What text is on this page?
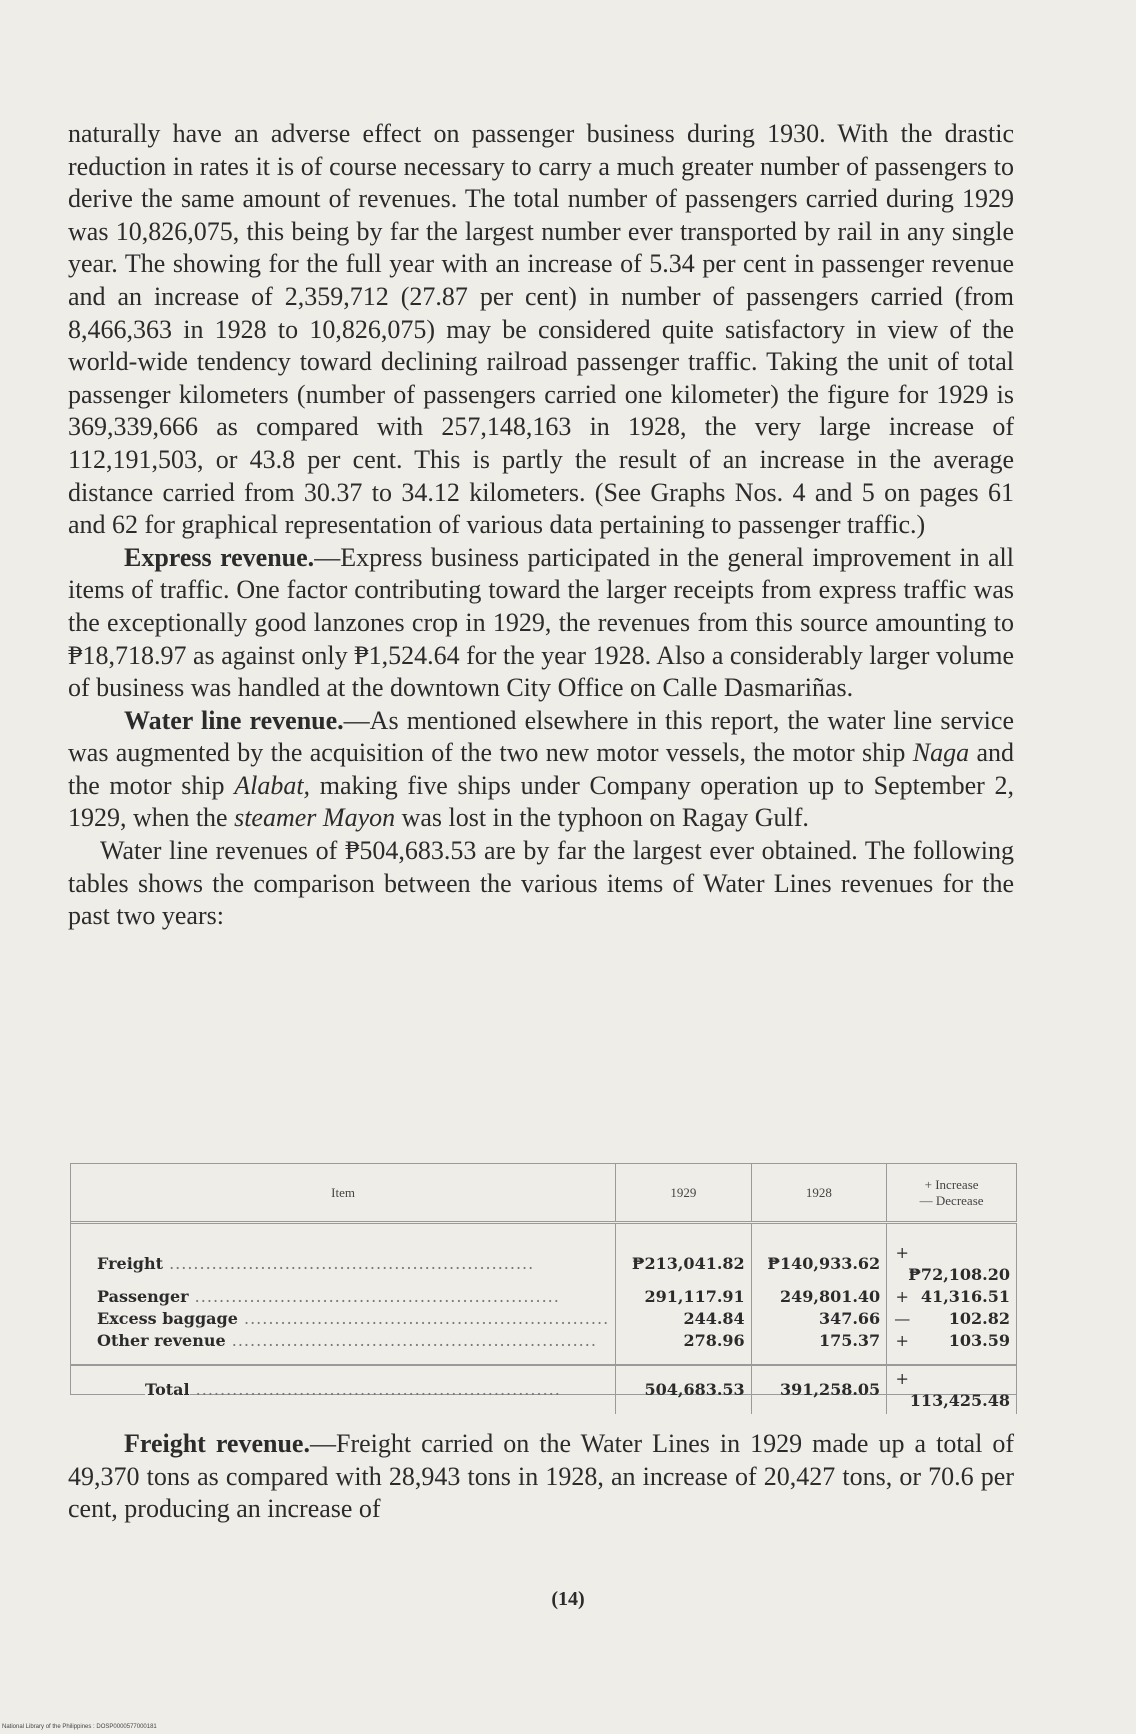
naturally have an adverse effect on passenger business during 1930. With the drastic reduction in rates it is of course necessary to carry a much greater number of passengers to derive the same amount of revenues. The total number of passengers carried during 1929 was 10,826,075, this being by far the largest number ever transported by rail in any single year. The showing for the full year with an increase of 5.34 per cent in passenger revenue and an increase of 2,359,712 (27.87 per cent) in number of passengers carried (from 8,466,363 in 1928 to 10,826,075) may be considered quite satisfactory in view of the world-wide tendency toward declining railroad passenger traffic. Taking the unit of total passenger kilometers (number of passengers carried one kilometer) the figure for 1929 is 369,339,666 as compared with 257,148,163 in 1928, the very large increase of 112,191,503, or 43.8 per cent. This is partly the result of an increase in the average distance carried from 30.37 to 34.12 kilometers. (See Graphs Nos. 4 and 5 on pages 61 and 62 for graphical representation of various data pertaining to passenger traffic.)

Express revenue.—Express business participated in the general improvement in all items of traffic. One factor contributing toward the larger receipts from express traffic was the exceptionally good lanzones crop in 1929, the revenues from this source amounting to ₱18,718.97 as against only ₱1,524.64 for the year 1928. Also a considerably larger volume of business was handled at the downtown City Office on Calle Dasmariñas.

Water line revenue.—As mentioned elsewhere in this report, the water line service was augmented by the acquisition of the two new motor vessels, the motor ship Naga and the motor ship Alabat, making five ships under Company operation up to September 2, 1929, when the steamer Mayon was lost in the typhoon on Ragay Gulf.

Water line revenues of ₱504,683.53 are by far the largest ever obtained. The following tables shows the comparison between the various items of Water Lines revenues for the past two years:

Item	1929	1928	+ Increase
— Decrease
Freight ............................................................	₱213,041.82	₱140,933.62	+
₱72,108.20
Passenger ............................................................	291,117.91	249,801.40	+ 41,316.51
Excess baggage ............................................................	244.84	347.66	— 102.82
Other revenue ............................................................	278.96	175.37	+ 103.59
Total ............................................................	504,683.53	391,258.05	+
113,425.48

Freight revenue.—Freight carried on the Water Lines in 1929 made up a total of 49,370 tons as compared with 28,943 tons in 1928, an increase of 20,427 tons, or 70.6 per cent, producing an increase of

(14)
National Library of the Philippines : DOSP0000577000181
